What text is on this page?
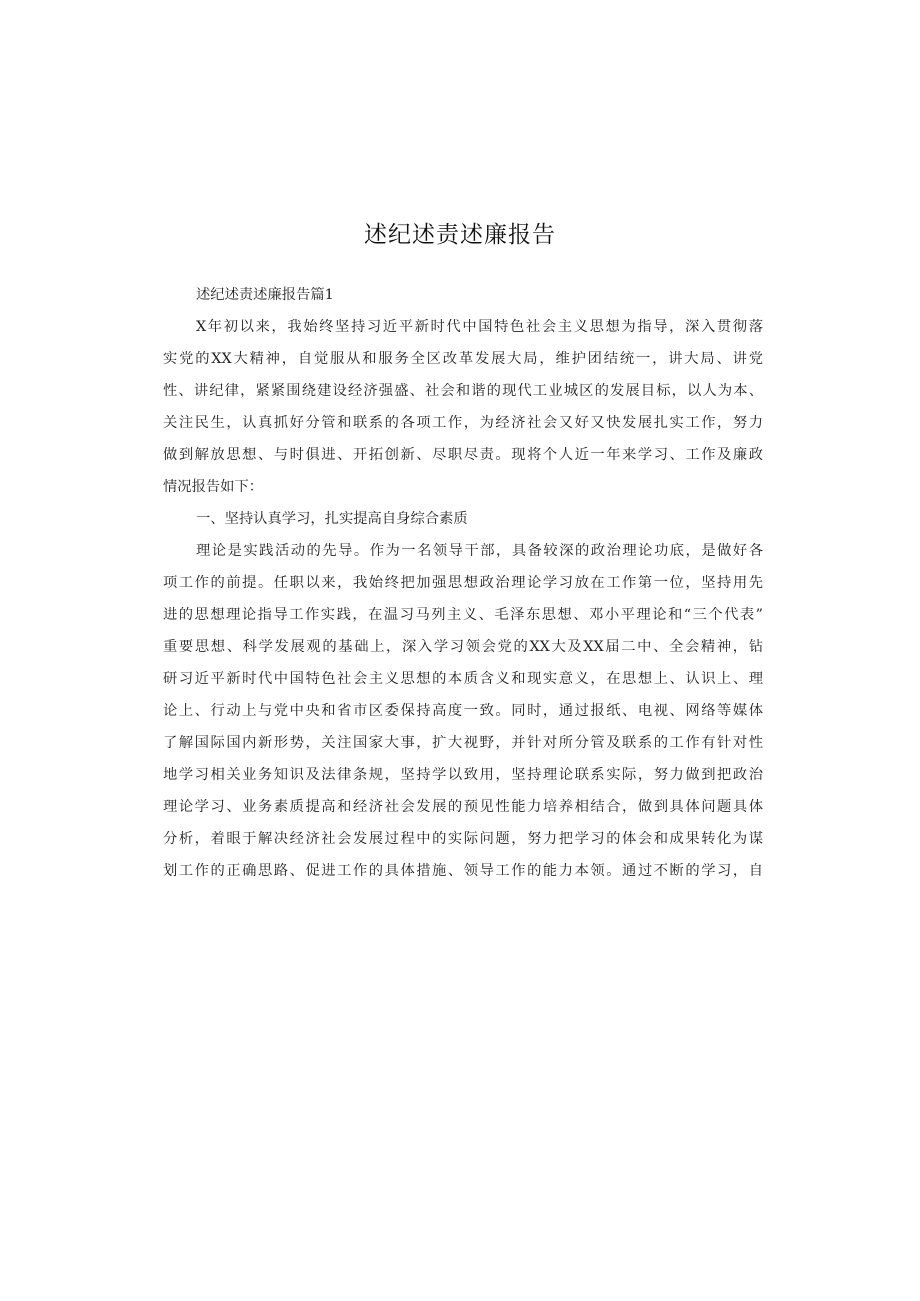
述纪述责述廉报告
述纪述责述廉报告篇1
X年初以来，我始终坚持习近平新时代中国特色社会主义思想为指导，深入贯彻落
实党的XX大精神，自觉服从和服务全区改革发展大局，维护团结统一，讲大局、讲党
性、讲纪律，紧紧围绕建设经济强盛、社会和谐的现代工业城区的发展目标，以人为本、
关注民生，认真抓好分管和联系的各项工作，为经济社会又好又快发展扎实工作，努力
做到解放思想、与时俱进、开拓创新、尽职尽责。现将个人近一年来学习、工作及廉政
情况报告如下：
一、坚持认真学习，扎实提高自身综合素质
理论是实践活动的先导。作为一名领导干部，具备较深的政治理论功底，是做好各
项工作的前提。任职以来，我始终把加强思想政治理论学习放在工作第一位，坚持用先
进的思想理论指导工作实践，在温习马列主义、毛泽东思想、邓小平理论和“三个代表”
重要思想、科学发展观的基础上，深入学习领会党的XX大及XX届二中、全会精神，钻
研习近平新时代中国特色社会主义思想的本质含义和现实意义，在思想上、认识上、理
论上、行动上与党中央和省市区委保持高度一致。同时，通过报纸、电视、网络等媒体
了解国际国内新形势，关注国家大事，扩大视野，并针对所分管及联系的工作有针对性
地学习相关业务知识及法律条规，坚持学以致用，坚持理论联系实际，努力做到把政治
理论学习、业务素质提高和经济社会发展的预见性能力培养相结合，做到具体问题具体
分析，着眼于解决经济社会发展过程中的实际问题，努力把学习的体会和成果转化为谋
划工作的正确思路、促进工作的具体措施、领导工作的能力本领。通过不断的学习，自
